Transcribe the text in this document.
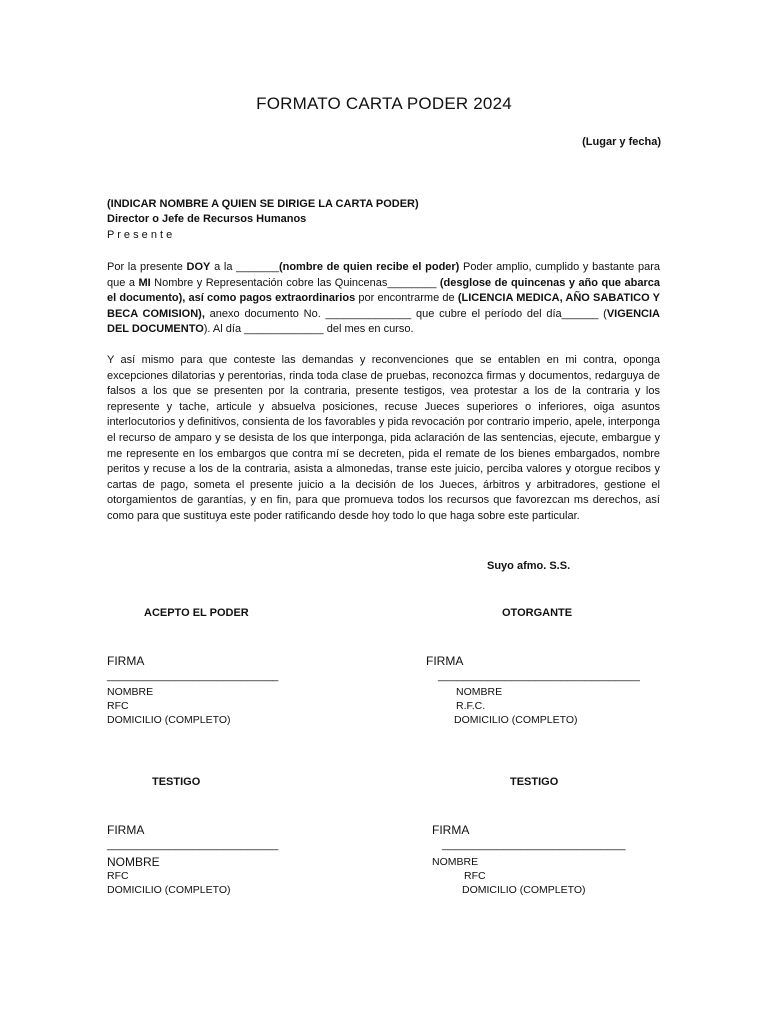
FORMATO CARTA PODER 2024
(Lugar y fecha)
(INDICAR NOMBRE A QUIEN SE DIRIGE LA CARTA PODER)
Director o Jefe de Recursos Humanos
P r e s e n t e
Por la presente DOY a la _______(nombre de quien recibe el poder) Poder amplio, cumplido y bastante para que a MI Nombre y Representación cobre las Quincenas________ (desglose de quincenas y año que abarca el documento), así como pagos extraordinarios por encontrarme de (LICENCIA MEDICA, AÑO SABATICO Y BECA COMISION), anexo documento No. ______________ que cubre el período del día______ (VIGENCIA DEL DOCUMENTO). Al día _____________ del mes en curso.
Y así mismo para que conteste las demandas y reconvenciones que se entablen en mi contra, oponga excepciones dilatorias y perentorias, rinda toda clase de pruebas, reconozca firmas y documentos, redarguya de falsos a los que se presenten por la contraria, presente testigos, vea protestar a los de la contraria y los represente y tache, articule y absuelva posiciones, recuse Jueces superiores o inferiores, oiga asuntos interlocutorios y definitivos, consienta de los favorables y pida revocación por contrario imperio, apele, interponga el recurso de amparo y se desista de los que interponga, pida aclaración de las sentencias, ejecute, embargue y me represente en los embargos que contra mí se decreten, pida el remate de los bienes embargados, nombre peritos y recuse a los de la contraria, asista a almonedas, transe este juicio, perciba valores y otorgue recibos y cartas de pago, someta el presente juicio a la decisión de los Jueces, árbitros y arbitradores, gestione el otorgamientos de garantías, y en fin, para que promueva todos los recursos que favorezcan ms derechos, así como para que sustituya este poder ratificando desde hoy todo lo que haga sobre este particular.
Suyo afmo. S.S.
ACEPTO EL PODER	OTORGANTE
FIRMA
____________________________
NOMBRE
RFC
DOMICILIO (COMPLETO)
FIRMA
_________________________________
NOMBRE
R.F.C.
DOMICILIO (COMPLETO)
TESTIGO	TESTIGO
FIRMA
____________________________
NOMBRE
RFC
DOMICILIO (COMPLETO)
FIRMA
______________________________
NOMBRE
RFC
DOMICILIO (COMPLETO)
